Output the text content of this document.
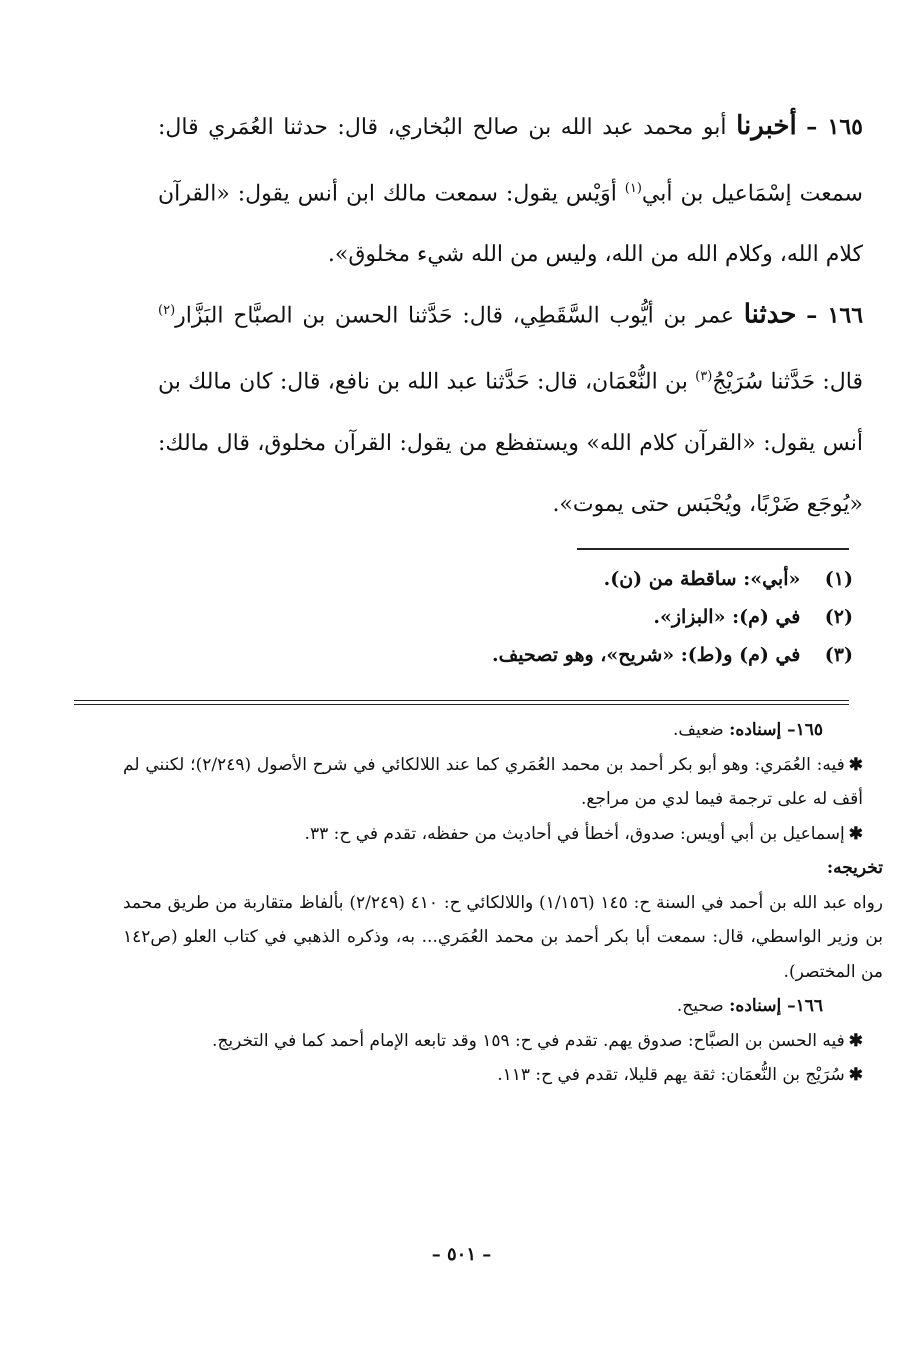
١٦٥ – أخبرنا أبو محمد عبد الله بن صالح البُخاري، قال: حدثنا العُمَري قال: سمعت إسْمَاعيل بن أبي$^{(١)}$ أوَيْس يقول: سمعت مالك ابن أنس يقول: «القرآن كلام الله، وكلام الله من الله، وليس من الله شيء مخلوق».
١٦٦ – حدثنا عمر بن أيُّوب السَّقَطِي، قال: حَدَّثنا الحسن بن الصبَّاح البَزَّار$^{(٢)}$ قال: حَدَّثنا سُرَيْجُ$^{(٣)}$ بن النُّعْمَان، قال: حَدَّثنا عبد الله بن نافع، قال: كان مالك بن أنس يقول: «القرآن كلام الله» ويستفظع من يقول: القرآن مخلوق، قال مالك: «يُوجَع ضَرْبًا، ويُحْبَس حتى يموت».
(١) «أبي»: ساقطة من (ن).
(٢) في (م): «البزاز».
(٣) في (م) و(ط): «شريح»، وهو تصحيف.
١٦٥– إسناده: ضعيف.
✱فيه: العُمَري: وهو أبو بكر أحمد بن محمد العُمَري كما عند اللالكائي في شرح الأصول (٢/٢٤٩)؛ لكنني لم أقف له على ترجمة فيما لدي من مراجع.
✱إسماعيل بن أبي أويس: صدوق، أخطأ في أحاديث من حفظه، تقدم في ح: ٣٣.
تخريجه:
رواه عبد الله بن أحمد في السنة ح: ١٤٥ (١/١٥٦) واللالكائي ح: ٤١٠ (٢/٢٤٩) بألفاظ متقاربة من طريق محمد بن وزير الواسطي، قال: سمعت أبا بكر أحمد بن محمد العُمَري... به، وذكره الذهبي في كتاب العلو (ص١٤٢ من المختصر).
١٦٦– إسناده: صحيح.
✱فيه الحسن بن الصبَّاح: صدوق يهم. تقدم في ح: ١٥٩ وقد تابعه الإمام أحمد كما في التخريج.
✱سُرَيْج بن النُّعمَان: ثقة يهم قليلا، تقدم في ح: ١١٣.
– ٥٠١ –
